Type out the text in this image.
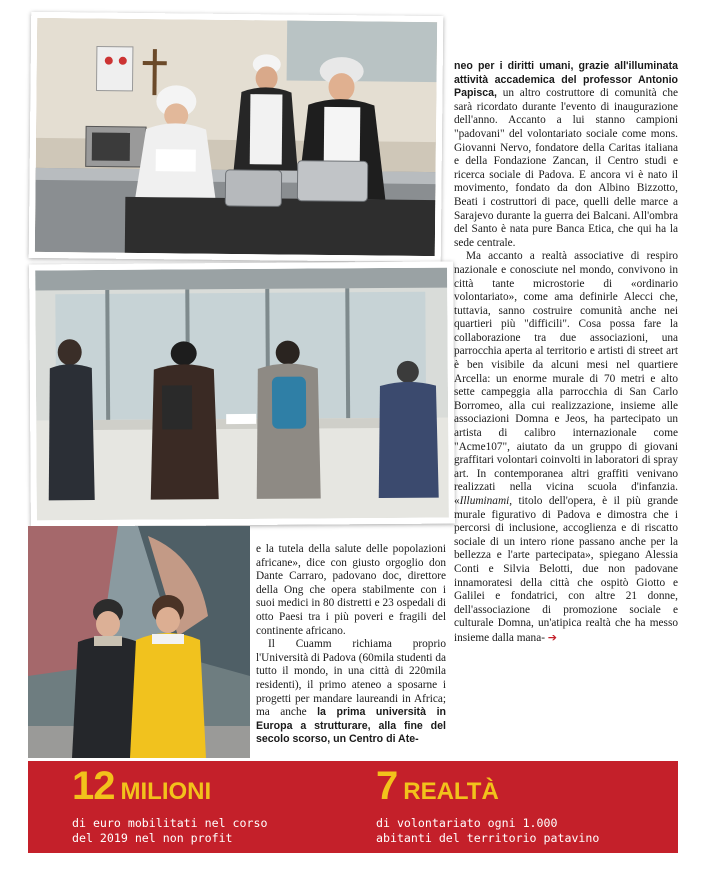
neo per i diritti umani, grazie all'illuminata attività accademica del professor Antonio Papisca, un altro costruttore di comunità che sarà ricordato durante l'evento di inaugurazione dell'anno. Accanto a lui stanno campioni "padovani" del volontariato sociale come mons. Giovanni Nervo, fondatore della Caritas italiana e della Fondazione Zancan, il Centro studi e ricerca sociale di Padova. E ancora vi è nato il movimento, fondato da don Albino Bizzotto, Beati i costruttori di pace, quelli delle marce a Sarajevo durante la guerra dei Balcani. All'ombra del Santo è nata pure Banca Etica, che qui ha la sede centrale.

Ma accanto a realtà associative di respiro nazionale e conosciute nel mondo, convivono in città tante microstorie di «ordinario volontariato», come ama definirle Alecci che, tuttavia, sanno costruire comunità anche nei quartieri più "difficili". Cosa possa fare la collaborazione tra due associazioni, una parrocchia aperta al territorio e artisti di street art è ben visibile da alcuni mesi nel quartiere Arcella: un enorme murale di 70 metri e alto sette campeggia alla parrocchia di San Carlo Borromeo, alla cui realizzazione, insieme alle associazioni Domna e Jeos, ha partecipato un artista di calibro internazionale come "Acme107", aiutato da un gruppo di giovani graffitari volontari coinvolti in laboratori di spray art. In contemporanea altri graffiti venivano realizzati nella vicina scuola d'infanzia. «Illuminami, titolo dell'opera, è il più grande murale figurativo di Padova e dimostra che i percorsi di inclusione, accoglienza e di riscatto sociale di un intero rione passano anche per la bellezza e l'arte partecipata», spiegano Alessia Conti e Silvia Belotti, due non padovane innamoratesi della città che ospitò Giotto e Galilei e fondatrici, con altre 21 donne, dell'associazione di promozione sociale e culturale Domna, un'atipica realtà che ha messo insieme dalla mana- ➔

e la tutela della salute delle popolazioni africane», dice con giusto orgoglio don Dante Carraro, padovano doc, direttore della Ong che opera stabilmente con i suoi medici in 80 distretti e 23 ospedali di otto Paesi tra i più poveri e fragili del continente africano.

Il Cuamm richiama proprio l'Università di Padova (60mila studenti da tutto il mondo, in una città di 220mila residenti), il primo ateneo a sposarne i progetti per mandare laureandi in Africa; ma anche la prima università in Europa a strutturare, alla fine del secolo scorso, un Centro di Ate-

12 MILIONI
di euro mobilitati nel corso
del 2019 nel non profit
7 REALTÀ
di volontariato ogni 1.000
abitanti del territorio patavino
